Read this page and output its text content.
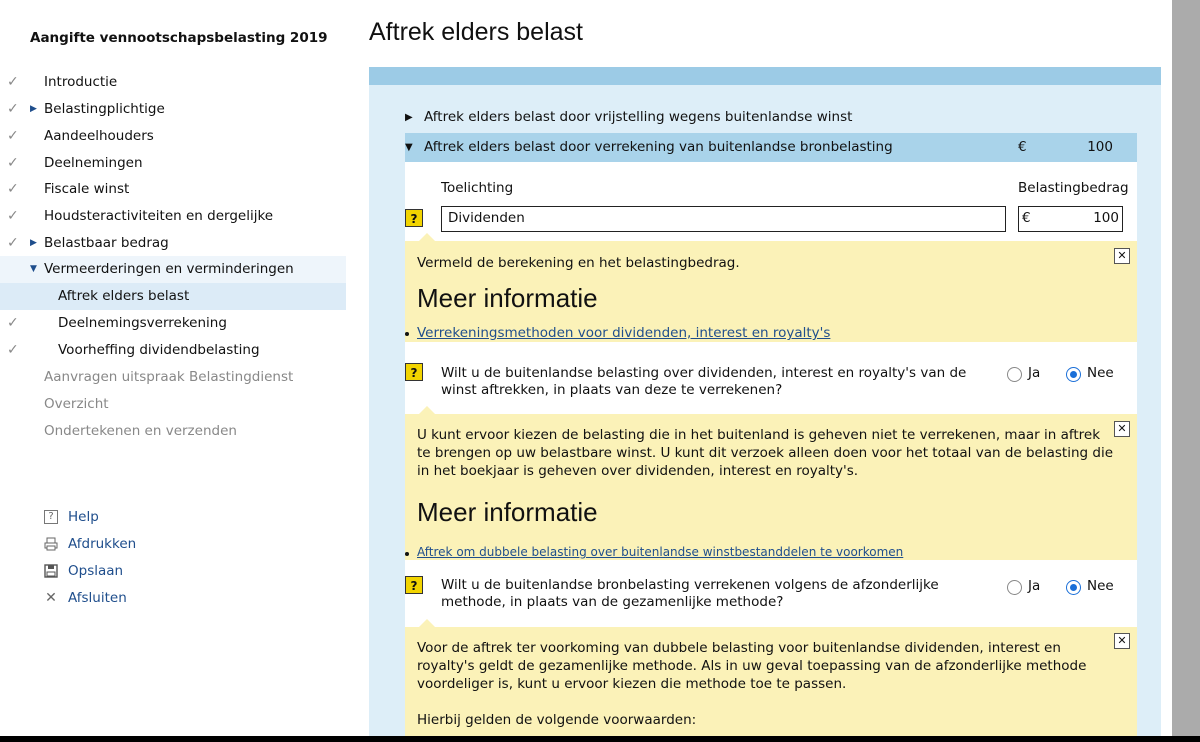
Aangifte vennootschapsbelasting 2019
✓ Introductie
✓ ▶ Belastingplichtige
✓ Aandeelhouders
✓ Deelnemingen
✓ Fiscale winst
✓ Houdsteractiviteiten en dergelijke
✓ ▶ Belastbaar bedrag
▼ Vermeerderingen en verminderingen
Aftrek elders belast
✓	Deelnemingsverrekening
✓	Voorheffing dividendbelasting
Aanvragen uitspraak Belastingdienst
Overzicht
Ondertekenen en verzenden
?	Help
Afdrukken
Opslaan
✕ Afsluiten
Aftrek elders belast
▶ Aftrek elders belast door vrijstelling wegens buitenlandse winst
▼ Aftrek elders belast door verrekening van buitenlandse bronbelasting	€	100
Toelichting	Belastingbedrag
?	Dividenden	€	100
Vermeld de berekening en het belastingbedrag.	✕
Meer informatie
Verrekeningsmethoden voor dividenden, interest en royalty's
?	Wilt u de buitenlandse belasting over dividenden, interest en royalty's van de
winst aftrekken, in plaats van deze te verrekenen?
Ja	Nee
✕
U kunt ervoor kiezen de belasting die in het buitenland is geheven niet te verrekenen, maar in aftrek
te brengen op uw belastbare winst. U kunt dit verzoek alleen doen voor het totaal van de belasting die
in het boekjaar is geheven over dividenden, interest en royalty's.
Meer informatie
Aftrek om dubbele belasting over buitenlandse winstbestanddelen te voorkomen
?	Wilt u de buitenlandse bronbelasting verrekenen volgens de afzonderlijke
methode, in plaats van de gezamenlijke methode?
Ja	Nee
✕
Voor de aftrek ter voorkoming van dubbele belasting voor buitenlandse dividenden, interest en
royalty's geldt de gezamenlijke methode. Als in uw geval toepassing van de afzonderlijke methode
voordeliger is, kunt u ervoor kiezen die methode toe te passen.
Hierbij gelden de volgende voorwaarden:
